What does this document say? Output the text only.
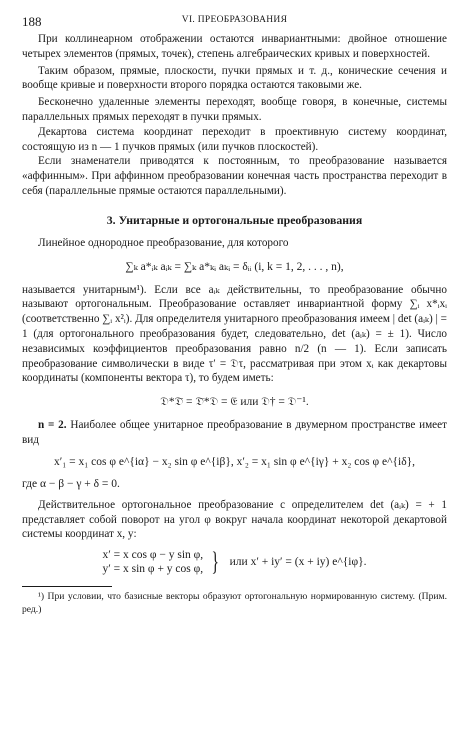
188	VI. ПРЕОБРАЗОВАНИЯ

При коллинеарном отображении остаются инвариантными: двойное отношение четырех элементов (прямых, точек), степень алгебраических кривых и поверхностей.

Таким образом, прямые, плоскости, пучки прямых и т. д., конические сечения и вообще кривые и поверхности второго порядка остаются таковыми же.

Бесконечно удаленные элементы переходят, вообще говоря, в конечные, системы параллельных прямых переходят в пучки прямых.

Декартова система координат переходит в проективную систему координат, состоящую из n — 1 пучков прямых (или пучков плоскостей).

Если знаменатели приводятся к постоянным, то преобразование называется «аффинным». При аффинном преобразовании конечная часть пространства переходит в себя (параллельные прямые остаются параллельными).

3. Унитарные и ортогональные преобразования

Линейное однородное преобразование, для которого

∑ₖ a*ᵢₖ aᵢₖ = ∑ₖ a*ₖᵢ aₖᵢ = δᵢᵢ (i, k = 1, 2, . . . , n),

называется унитарным¹). Если все aᵢₖ действительны, то преобразование обычно называют ортогональным. Преобразование оставляет инвариантной форму ∑ᵢ x*ᵢxᵢ (соответственно ∑ᵢ x²ᵢ). Для определителя унитарного преобразования имеем | det (aᵢₖ) | = 1 (для ортогонального преобразования будет, следовательно, det (aᵢₖ) = ± 1). Число независимых коэффициентов преобразования равно n/2 (n — 1). Если записать преобразование символически в виде τ′ = 𝔇τ, рассматривая при этом xᵢ как декартовы координаты (компоненты вектора τ), то будем иметь:

𝔇*𝔇̃ = 𝔇̃*𝔇 = 𝔈 или 𝔇† = 𝔇⁻¹.

n = 2. Наиболее общее унитарное преобразование в двумерном пространстве имеет вид

x′₁ = x₁ cos φ e^{iα} − x₂ sin φ e^{iβ}, x′₂ = x₁ sin φ e^{iγ} + x₂ cos φ e^{iδ},
где α − β − γ + δ = 0.

Действительное ортогональное преобразование с определителем det (aᵢₖ) = + 1 представляет собой поворот на угол φ вокруг начала координат некоторой декартовой системы координат x, y:

x′ = x cos φ − y sin φ,
y′ = x sin φ + y cos φ, } или x′ + iy′ = (x + iy) e^{iφ}.

¹) При условии, что базисные векторы образуют ортогональную нормированную систему. (Прим. ред.)
